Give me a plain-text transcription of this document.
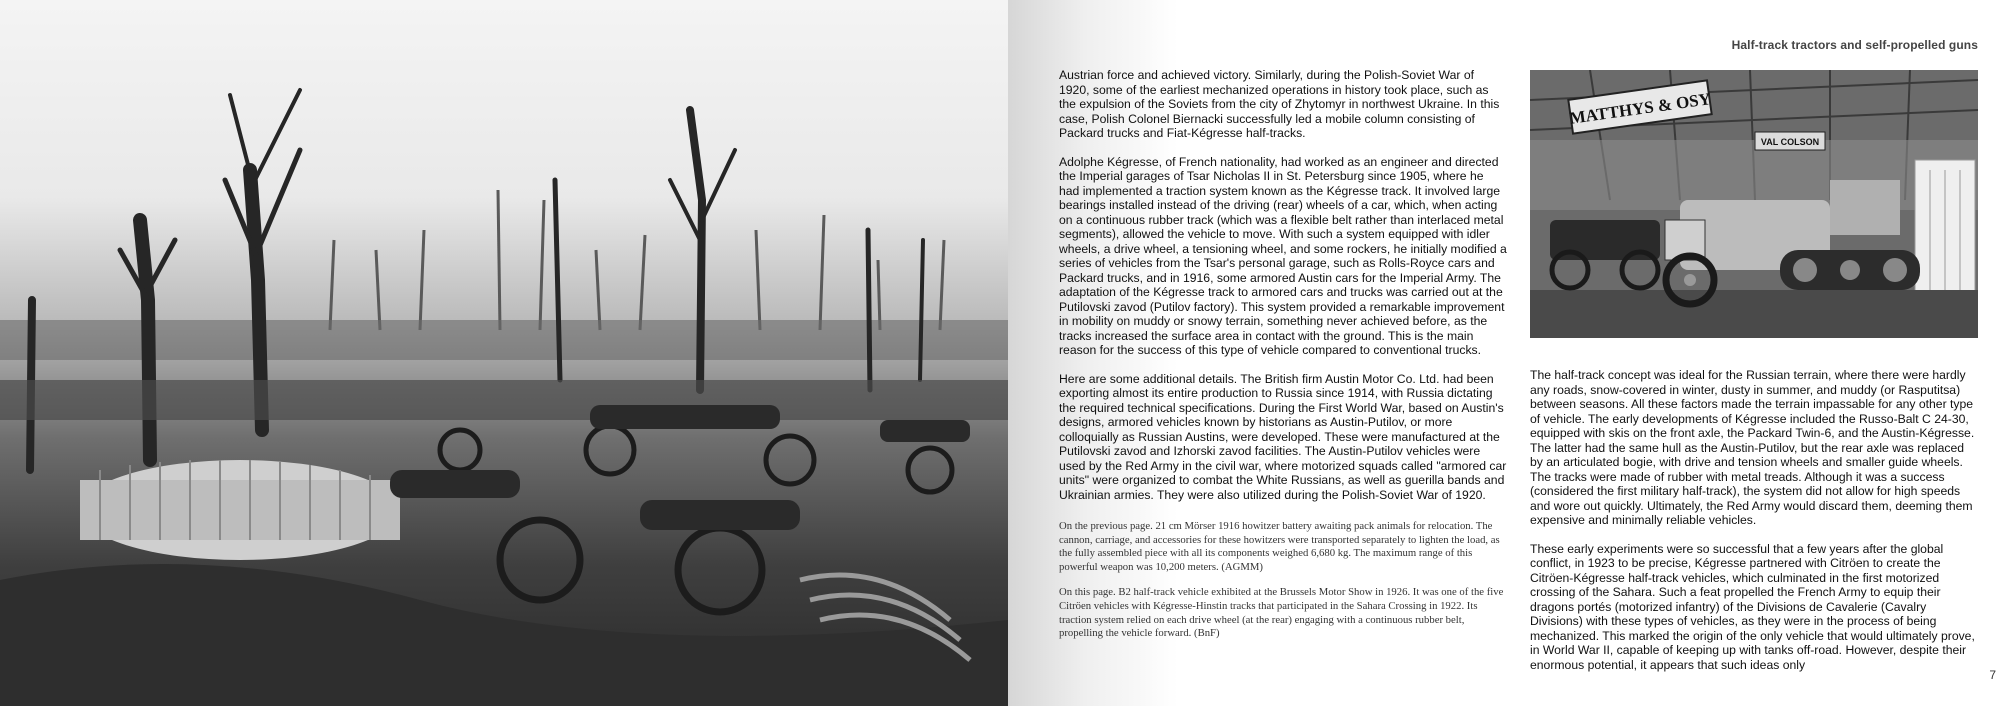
Half-track tractors and self-propelled guns

Austrian force and achieved victory. Similarly, during the Polish-Soviet War of 1920, some of the earliest mechanized operations in history took place, such as the expulsion of the Soviets from the city of Zhytomyr in northwest Ukraine. In this case, Polish Colonel Biernacki successfully led a mobile column consisting of Packard trucks and Fiat-Kégresse half-tracks.

Adolphe Kégresse, of French nationality, had worked as an engineer and directed the Imperial garages of Tsar Nicholas II in St. Petersburg since 1905, where he had implemented a traction system known as the Kégresse track. It involved large bearings installed instead of the driving (rear) wheels of a car, which, when acting on a continuous rubber track (which was a flexible belt rather than interlaced metal segments), allowed the vehicle to move. With such a system equipped with idler wheels, a drive wheel, a tensioning wheel, and some rockers, he initially modified a series of vehicles from the Tsar's personal garage, such as Rolls-Royce cars and Packard trucks, and in 1916, some armored Austin cars for the Imperial Army. The adaptation of the Kégresse track to armored cars and trucks was carried out at the Putilovski zavod (Putilov factory). This system provided a remarkable improvement in mobility on muddy or snowy terrain, something never achieved before, as the tracks increased the surface area in contact with the ground. This is the main reason for the success of this type of vehicle compared to conventional trucks.

Here are some additional details. The British firm Austin Motor Co. Ltd. had been exporting almost its entire production to Russia since 1914, with Russia dictating the required technical specifications. During the First World War, based on Austin's designs, armored vehicles known by historians as Austin-Putilov, or more colloquially as Russian Austins, were developed. These were manufactured at the Putilovski zavod and Izhorski zavod facilities. The Austin-Putilov vehicles were used by the Red Army in the civil war, where motorized squads called "armored car units" were organized to combat the White Russians, as well as guerilla bands and Ukrainian armies. They were also utilized during the Polish-Soviet War of 1920.

On the previous page. 21 cm Mörser 1916 howitzer battery awaiting pack animals for relocation. The cannon, carriage, and accessories for these howitzers were transported separately to lighten the load, as the fully assembled piece with all its components weighed 6,680 kg. The maximum range of this powerful weapon was 10,200 meters. (AGMM)

On this page. B2 half-track vehicle exhibited at the Brussels Motor Show in 1926. It was one of the five Citröen vehicles with Kégresse-Hinstin tracks that participated in the Sahara Crossing in 1922. Its traction system relied on each drive wheel (at the rear) engaging with a continuous rubber belt, propelling the vehicle forward. (BnF)

MATTHYS & OSY
VAL COLSON

The half-track concept was ideal for the Russian terrain, where there were hardly any roads, snow-covered in winter, dusty in summer, and muddy (or Rasputitsa) between seasons. All these factors made the terrain impassable for any other type of vehicle. The early developments of Kégresse included the Russo-Balt C 24-30, equipped with skis on the front axle, the Packard Twin-6, and the Austin-Kégresse. The latter had the same hull as the Austin-Putilov, but the rear axle was replaced by an articulated bogie, with drive and tension wheels and smaller guide wheels. The tracks were made of rubber with metal treads. Although it was a success (considered the first military half-track), the system did not allow for high speeds and wore out quickly. Ultimately, the Red Army would discard them, deeming them expensive and minimally reliable vehicles.

These early experiments were so successful that a few years after the global conflict, in 1923 to be precise, Kégresse partnered with Citröen to create the Citröen-Kégresse half-track vehicles, which culminated in the first motorized crossing of the Sahara. Such a feat propelled the French Army to equip their dragons portés (motorized infantry) of the Divisions de Cavalerie (Cavalry Divisions) with these types of vehicles, as they were in the process of being mechanized. This marked the origin of the only vehicle that would ultimately prove, in World War II, capable of keeping up with tanks off-road. However, despite their enormous potential, it appears that such ideas only

7
